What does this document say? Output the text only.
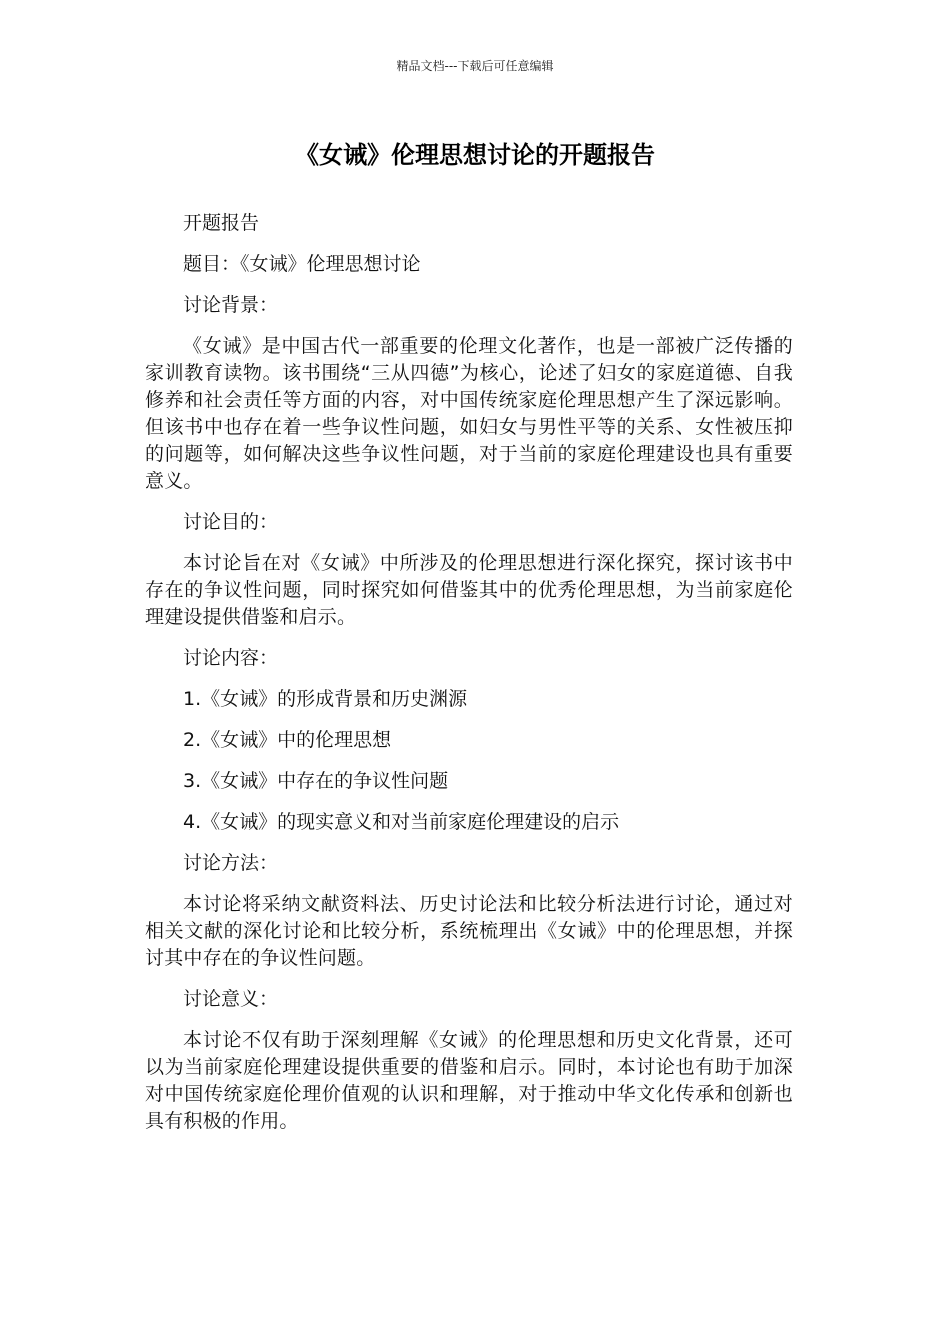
精品文档---下载后可任意编辑
《女诫》伦理思想讨论的开题报告

开题报告

题目：《女诫》伦理思想讨论

讨论背景：

《女诫》是中国古代一部重要的伦理文化著作，也是一部被广泛传播的家训教育读物。该书围绕“三从四德”为核心，论述了妇女的家庭道德、自我修养和社会责任等方面的内容，对中国传统家庭伦理思想产生了深远影响。但该书中也存在着一些争议性问题，如妇女与男性平等的关系、女性被压抑的问题等，如何解决这些争议性问题，对于当前的家庭伦理建设也具有重要意义。

讨论目的：

本讨论旨在对《女诫》中所涉及的伦理思想进行深化探究，探讨该书中存在的争议性问题，同时探究如何借鉴其中的优秀伦理思想，为当前家庭伦理建设提供借鉴和启示。

讨论内容：

1.《女诫》的形成背景和历史渊源

2.《女诫》中的伦理思想

3.《女诫》中存在的争议性问题

4.《女诫》的现实意义和对当前家庭伦理建设的启示

讨论方法：

本讨论将采纳文献资料法、历史讨论法和比较分析法进行讨论，通过对相关文献的深化讨论和比较分析，系统梳理出《女诫》中的伦理思想，并探讨其中存在的争议性问题。

讨论意义：

本讨论不仅有助于深刻理解《女诫》的伦理思想和历史文化背景，还可以为当前家庭伦理建设提供重要的借鉴和启示。同时，本讨论也有助于加深对中国传统家庭伦理价值观的认识和理解，对于推动中华文化传承和创新也具有积极的作用。
